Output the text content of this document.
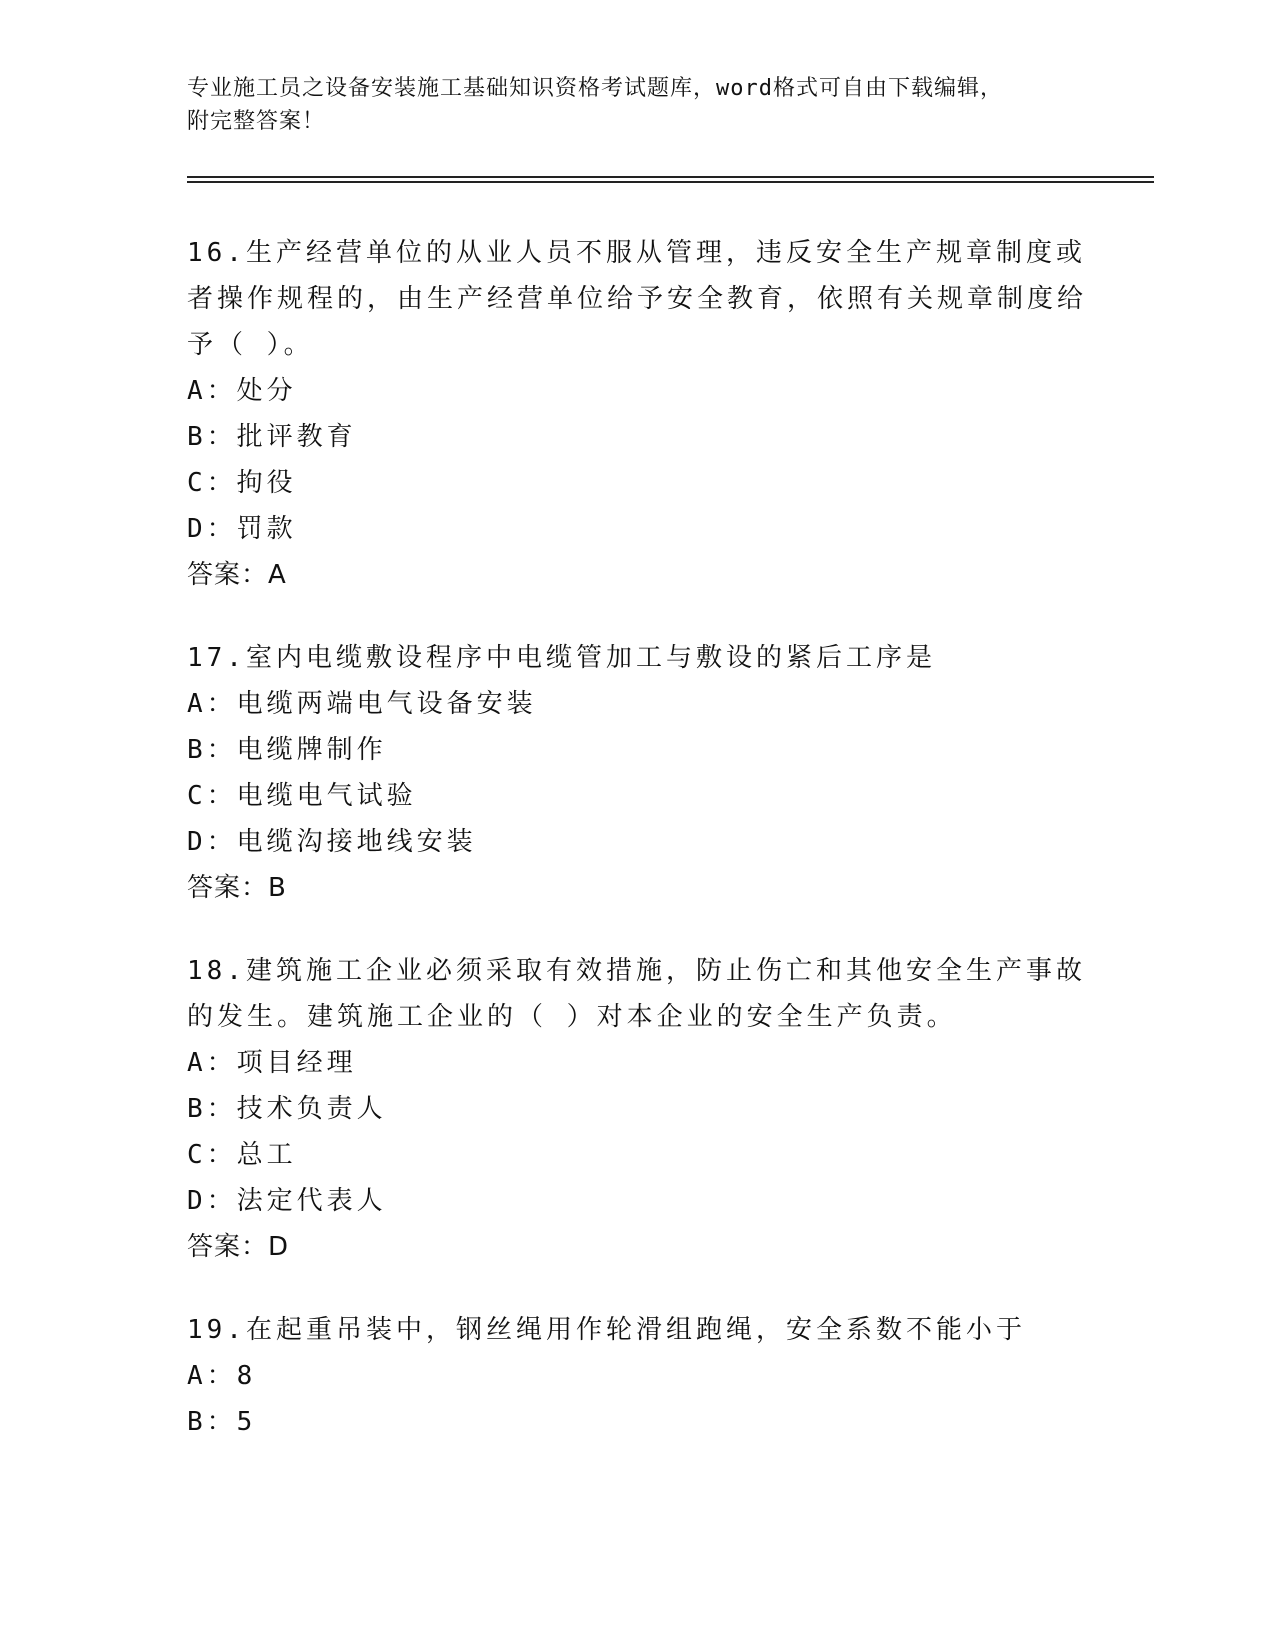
专业施工员之设备安装施工基础知识资格考试题库，word格式可自由下载编辑，
附完整答案！
16.生产经营单位的从业人员不服从管理，违反安全生产规章制度或者操作规程的，由生产经营单位给予安全教育，依照有关规章制度给予（ ）。
A：处分
B：批评教育
C：拘役
D：罚款
答案：A
17.室内电缆敷设程序中电缆管加工与敷设的紧后工序是
A：电缆两端电气设备安装
B：电缆牌制作
C：电缆电气试验
D：电缆沟接地线安装
答案：B
18.建筑施工企业必须采取有效措施，防止伤亡和其他安全生产事故的发生。建筑施工企业的（ ）对本企业的安全生产负责。
A：项目经理
B：技术负责人
C：总工
D：法定代表人
答案：D
19.在起重吊装中，钢丝绳用作轮滑组跑绳，安全系数不能小于
A：8
B：5
